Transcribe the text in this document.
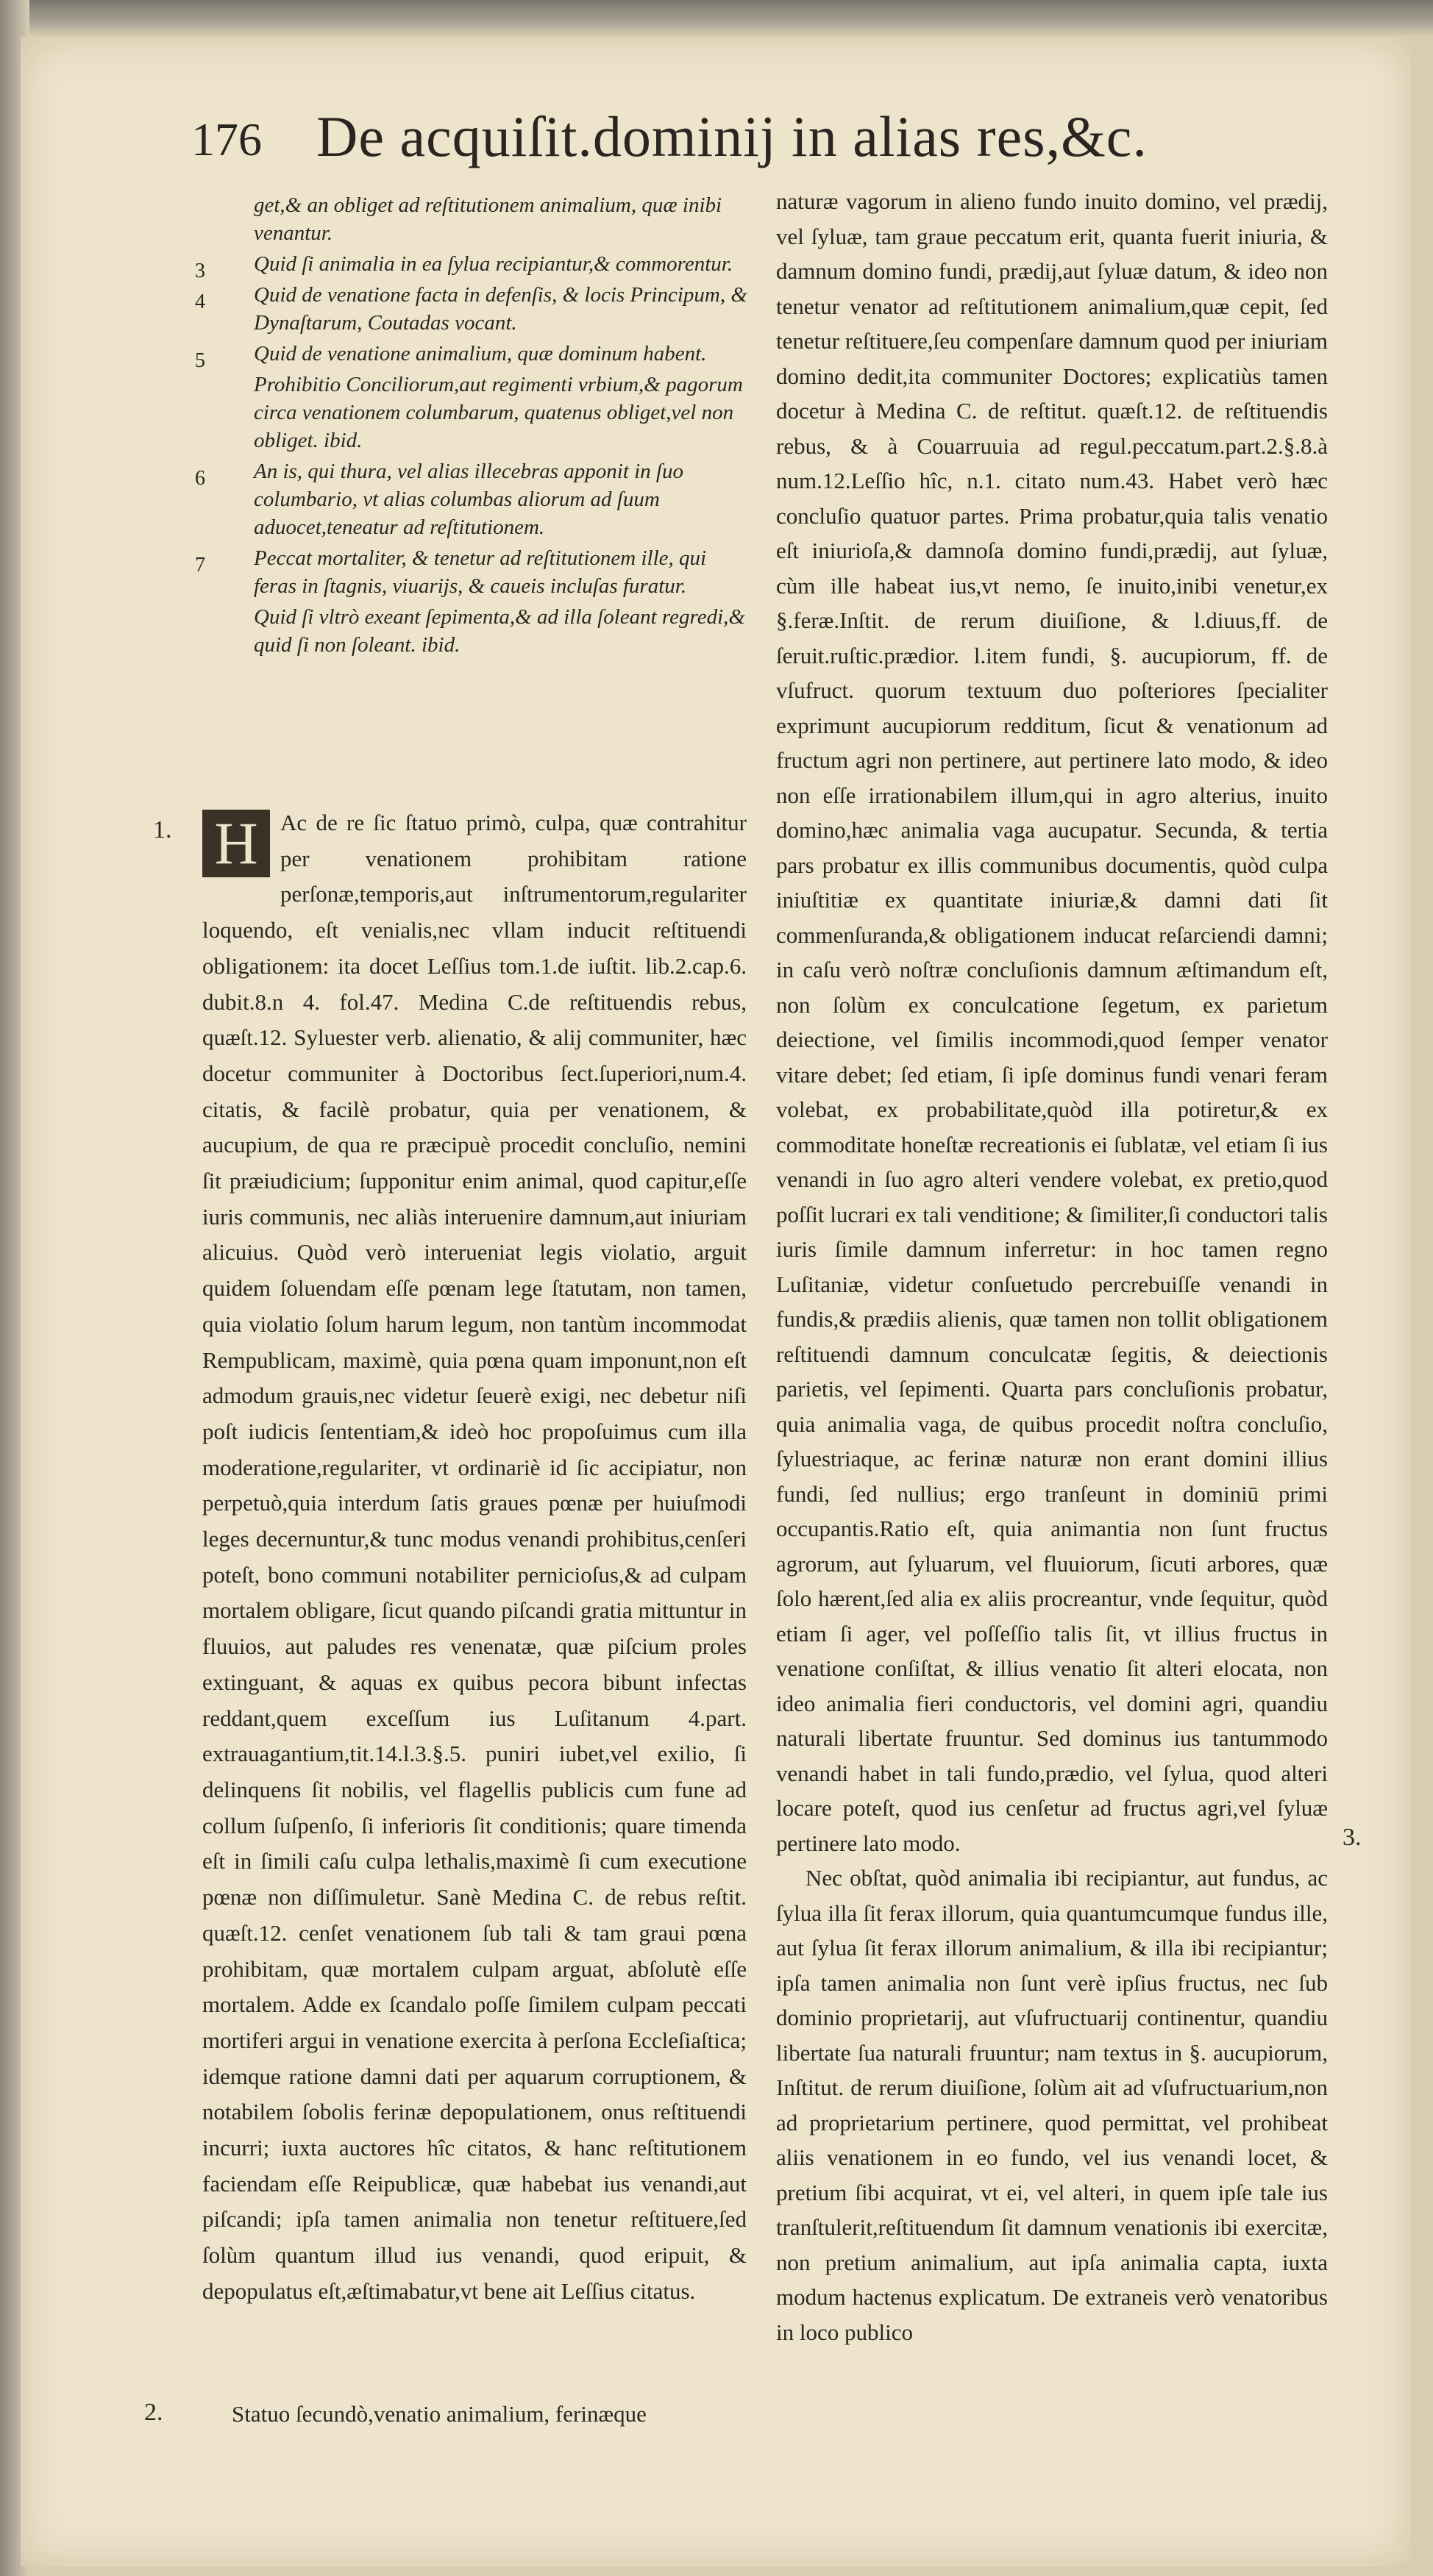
176 De acquiſit.dominij in alias res,&c.
get,& an obliget ad reſtitutionem animalium, quæ inibi venantur.
3 Quid ſi animalia in ea ſylua recipiantur,& commorentur.
4 Quid de venatione facta in defenſis, & locis Principum, & Dynaſtarum, Coutadas vocant.
5 Quid de venatione animalium, quæ dominum habent.
Prohibitio Conciliorum,aut regimenti vrbium,& pagorum circa venationem columbarum, quatenus obliget,vel non obliget. ibid.
6 An is, qui thura, vel alias illecebras apponit in ſuo columbario, vt alias columbas aliorum ad ſuum aduocet,teneatur ad reſtitutionem.
7 Peccat mortaliter, & tenetur ad reſtitutionem ille, qui feras in ſtagnis, viuarijs, & caueis incluſas furatur.
Quid ſi vltrò exeant ſepimenta,& ad illa ſoleant regredi,& quid ſi non ſoleant. ibid.
1.
2.
3.

H Ac de re ſic ſtatuo primò, culpa, quæ contrahitur per venationem prohibitam ratione perſonæ,temporis,aut inſtrumentorum,regulariter loquendo, eſt venialis,nec vllam inducit reſtituendi obligationem: ita docet Leſſius tom.1.de iuſtit. lib.2.cap.6. dubit.8.n 4. fol.47. Medina C.de reſtituendis rebus, quæſt.12. Syluester verb. alienatio, & alij communiter, hæc docetur communiter à Doctoribus ſect.ſuperiori,num.4. citatis, & facilè probatur, quia per venationem, & aucupium, de qua re præcipuè procedit concluſio, nemini ſit præiudicium; ſupponitur enim animal, quod capitur,eſſe iuris communis, nec aliàs interuenire damnum,aut iniuriam alicuius. Quòd verò interueniat legis violatio, arguit quidem ſoluendam eſſe pœnam lege ſtatutam, non tamen, quia violatio ſolum harum legum, non tantùm incommodat Rempublicam, maximè, quia pœna quam imponunt,non eſt admodum grauis,nec videtur ſeuerè exigi, nec debetur niſi poſt iudicis ſententiam,& ideò hoc propoſuimus cum illa moderatione,regulariter, vt ordinariè id ſic accipiatur, non perpetuò,quia interdum ſatis graues pœnæ per huiuſmodi leges decernuntur,& tunc modus venandi prohibitus,cenſeri poteſt, bono communi notabiliter pernicioſus,& ad culpam mortalem obligare, ſicut quando piſcandi gratia mittuntur in fluuios, aut paludes res venenatæ, quæ piſcium proles extinguant, & aquas ex quibus pecora bibunt infectas reddant,quem exceſſum ius Luſitanum 4.part. extrauagantium,tit.14.l.3.§.5. puniri iubet,vel exilio, ſi delinquens ſit nobilis, vel flagellis publicis cum fune ad collum ſuſpenſo, ſi inferioris ſit conditionis; quare timenda eſt in ſimili caſu culpa lethalis,maximè ſi cum executione pœnæ non diſſimuletur. Sanè Medina C. de rebus reſtit. quæſt.12. cenſet venationem ſub tali & tam graui pœna prohibitam, quæ mortalem culpam arguat, abſolutè eſſe mortalem. Adde ex ſcandalo poſſe ſimilem culpam peccati mortiferi argui in venatione exercita à perſona Eccleſiaſtica; idemque ratione damni dati per aquarum corruptionem, & notabilem ſobolis ferinæ depopulationem, onus reſtituendi incurri; iuxta auctores hîc citatos, & hanc reſtitutionem faciendam eſſe Reipublicæ, quæ habebat ius venandi,aut piſcandi; ipſa tamen animalia non tenetur reſtituere,ſed ſolùm quantum illud ius venandi, quod eripuit, & depopulatus eſt,æſtimabatur,vt bene ait Leſſius citatus.

Statuo ſecundò,venatio animalium, ferinæque

naturæ vagorum in alieno fundo inuito domino, vel prædij, vel ſyluæ, tam graue peccatum erit, quanta fuerit iniuria, & damnum domino fundi, prædij,aut ſyluæ datum, & ideo non tenetur venator ad reſtitutionem animalium,quæ cepit, ſed tenetur reſtituere,ſeu compenſare damnum quod per iniuriam domino dedit,ita communiter Doctores; explicatiùs tamen docetur à Medina C. de reſtitut. quæſt.12. de reſtituendis rebus, & à Couarruuia ad regul.peccatum.part.2.§.8.à num.12.Leſſio hîc, n.1. citato num.43. Habet verò hæc concluſio quatuor partes. Prima probatur,quia talis venatio eſt iniurioſa,& damnoſa domino fundi,prædij, aut ſyluæ, cùm ille habeat ius,vt nemo, ſe inuito,inibi venetur,ex §.feræ.Inſtit. de rerum diuiſione, & l.diuus,ff. de ſeruit.ruſtic.prædior. l.item fundi, §. aucupiorum, ff. de vſufruct. quorum textuum duo poſteriores ſpecialiter exprimunt aucupiorum redditum, ſicut & venationum ad fructum agri non pertinere, aut pertinere lato modo, & ideo non eſſe irrationabilem illum,qui in agro alterius, inuito domino,hæc animalia vaga aucupatur. Secunda, & tertia pars probatur ex illis communibus documentis, quòd culpa iniuſtitiæ ex quantitate iniuriæ,& damni dati ſit commenſuranda,& obligationem inducat reſarciendi damni; in caſu verò noſtræ concluſionis damnum æſtimandum eſt, non ſolùm ex conculcatione ſegetum, ex parietum deiectione, vel ſimilis incommodi,quod ſemper venator vitare debet; ſed etiam, ſi ipſe dominus fundi venari feram volebat, ex probabilitate,quòd illa potiretur,& ex commoditate honeſtæ recreationis ei ſublatæ, vel etiam ſi ius venandi in ſuo agro alteri vendere volebat, ex pretio,quod poſſit lucrari ex tali venditione; & ſimiliter,ſi conductori talis iuris ſimile damnum inferretur: in hoc tamen regno Luſitaniæ, videtur conſuetudo percrebuiſſe venandi in fundis,& prædiis alienis, quæ tamen non tollit obligationem reſtituendi damnum conculcatæ ſegitis, & deiectionis parietis, vel ſepimenti. Quarta pars concluſionis probatur, quia animalia vaga, de quibus procedit noſtra concluſio, ſyluestriaque, ac ferinæ naturæ non erant domini illius fundi, ſed nullius; ergo tranſeunt in dominiū primi occupantis.Ratio eſt, quia animantia non ſunt fructus agrorum, aut ſyluarum, vel fluuiorum, ſicuti arbores, quæ ſolo hærent,ſed alia ex aliis procreantur, vnde ſequitur, quòd etiam ſi ager, vel poſſeſſio talis ſit, vt illius fructus in venatione conſiſtat, & illius venatio ſit alteri elocata, non ideo animalia fieri conductoris, vel domini agri, quandiu naturali libertate fruuntur. Sed dominus ius tantummodo venandi habet in tali fundo,prædio, vel ſylua, quod alteri locare poteſt, quod ius cenſetur ad fructus agri,vel ſyluæ pertinere lato modo.

Nec obſtat, quòd animalia ibi recipiantur, aut fundus, ac ſylua illa ſit ferax illorum, quia quantumcumque fundus ille, aut ſylua ſit ferax illorum animalium, & illa ibi recipiantur; ipſa tamen animalia non ſunt verè ipſius fructus, nec ſub dominio proprietarij, aut vſufructuarij continentur, quandiu libertate ſua naturali fruuntur; nam textus in §. aucupiorum, Inſtitut. de rerum diuiſione, ſolùm ait ad vſufructuarium,non ad proprietarium pertinere, quod permittat, vel prohibeat aliis venationem in eo fundo, vel ius venandi locet, & pretium ſibi acquirat, vt ei, vel alteri, in quem ipſe tale ius tranſtulerit,reſtituendum ſit damnum venationis ibi exercitæ, non pretium animalium, aut ipſa animalia capta, iuxta modum hactenus explicatum. De extraneis verò venatoribus in loco publico
